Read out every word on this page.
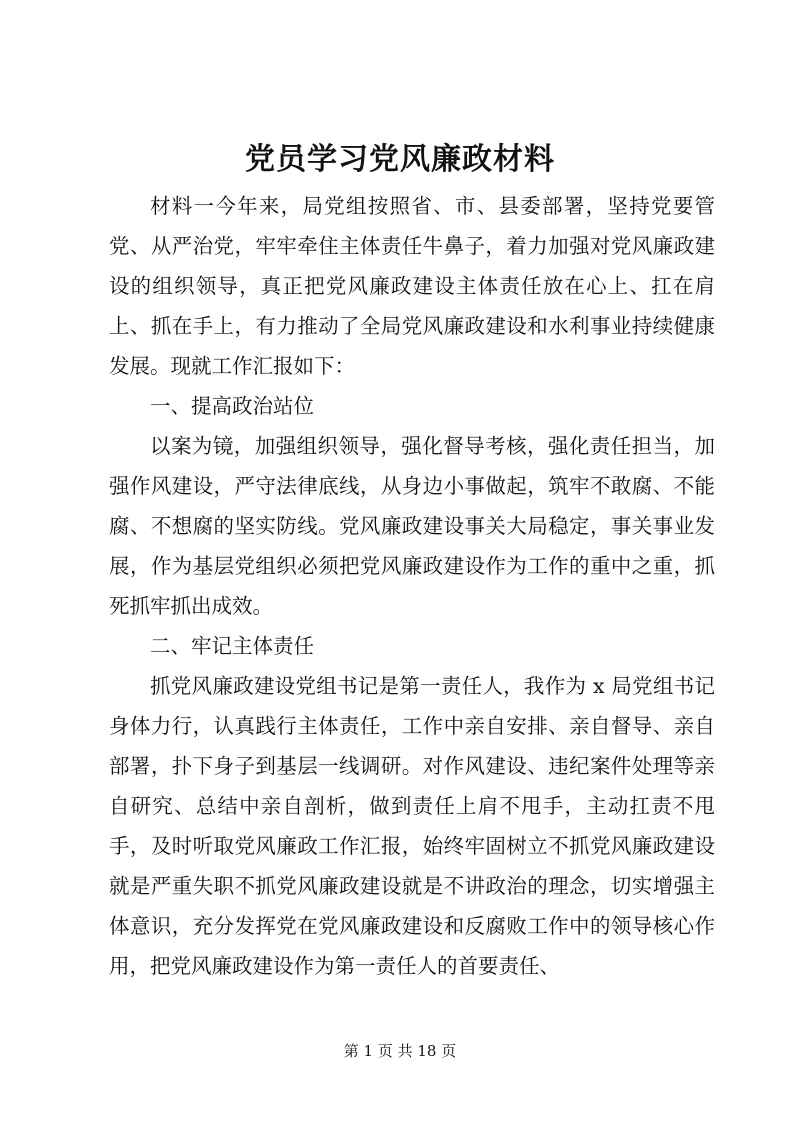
党员学习党风廉政材料

材料一今年来，局党组按照省、市、县委部署，坚持党要管党、从严治党，牢牢牵住主体责任牛鼻子，着力加强对党风廉政建设的组织领导，真正把党风廉政建设主体责任放在心上、扛在肩上、抓在手上，有力推动了全局党风廉政建设和水利事业持续健康发展。现就工作汇报如下：

一、提高政治站位

以案为镜，加强组织领导，强化督导考核，强化责任担当，加强作风建设，严守法律底线，从身边小事做起，筑牢不敢腐、不能腐、不想腐的坚实防线。党风廉政建设事关大局稳定，事关事业发展，作为基层党组织必须把党风廉政建设作为工作的重中之重，抓死抓牢抓出成效。

二、牢记主体责任

抓党风廉政建设党组书记是第一责任人，我作为 x 局党组书记身体力行，认真践行主体责任，工作中亲自安排、亲自督导、亲自部署，扑下身子到基层一线调研。对作风建设、违纪案件处理等亲自研究、总结中亲自剖析，做到责任上肩不甩手，主动扛责不甩手，及时听取党风廉政工作汇报，始终牢固树立不抓党风廉政建设就是严重失职不抓党风廉政建设就是不讲政治的理念，切实增强主体意识，充分发挥党在党风廉政建设和反腐败工作中的领导核心作用，把党风廉政建设作为第一责任人的首要责任、

第 1 页 共 18 页
